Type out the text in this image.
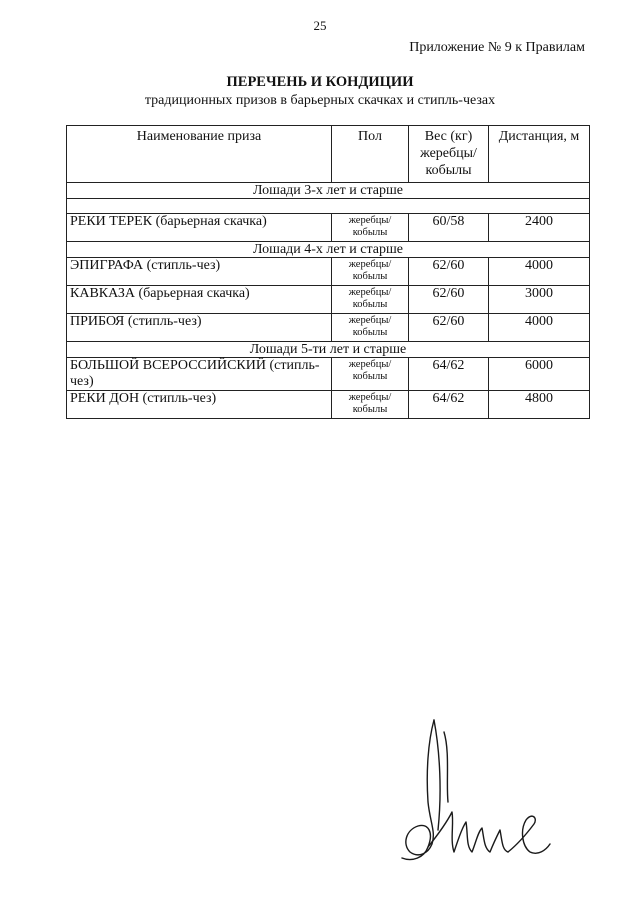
25
Приложение № 9 к Правилам
ПЕРЕЧЕНЬ И КОНДИЦИИ
традиционных призов в барьерных скачках и стипль-чезах
Наименование приза	Пол	Вес (кг) жеребцы/ кобылы	Дистанция, м
Лошади 3-х лет и старше			

РЕКИ ТЕРЕК (барьерная скачка)	жеребцы/ кобылы	60/58	2400
Лошади 4-х лет и старше			
ЭПИГРАФА (стипль-чез)	жеребцы/ кобылы	62/60	4000
КАВКАЗА (барьерная скачка)	жеребцы/ кобылы	62/60	3000
ПРИБОЯ (стипль-чез)	жеребцы/ кобылы	62/60	4000
Лошади 5-ти лет и старше			
БОЛЬШОЙ ВСЕРОССИЙСКИЙ (стипль-чез)	жеребцы/ кобылы	64/62	6000
РЕКИ ДОН (стипль-чез)	жеребцы/ кобылы	64/62	4800
